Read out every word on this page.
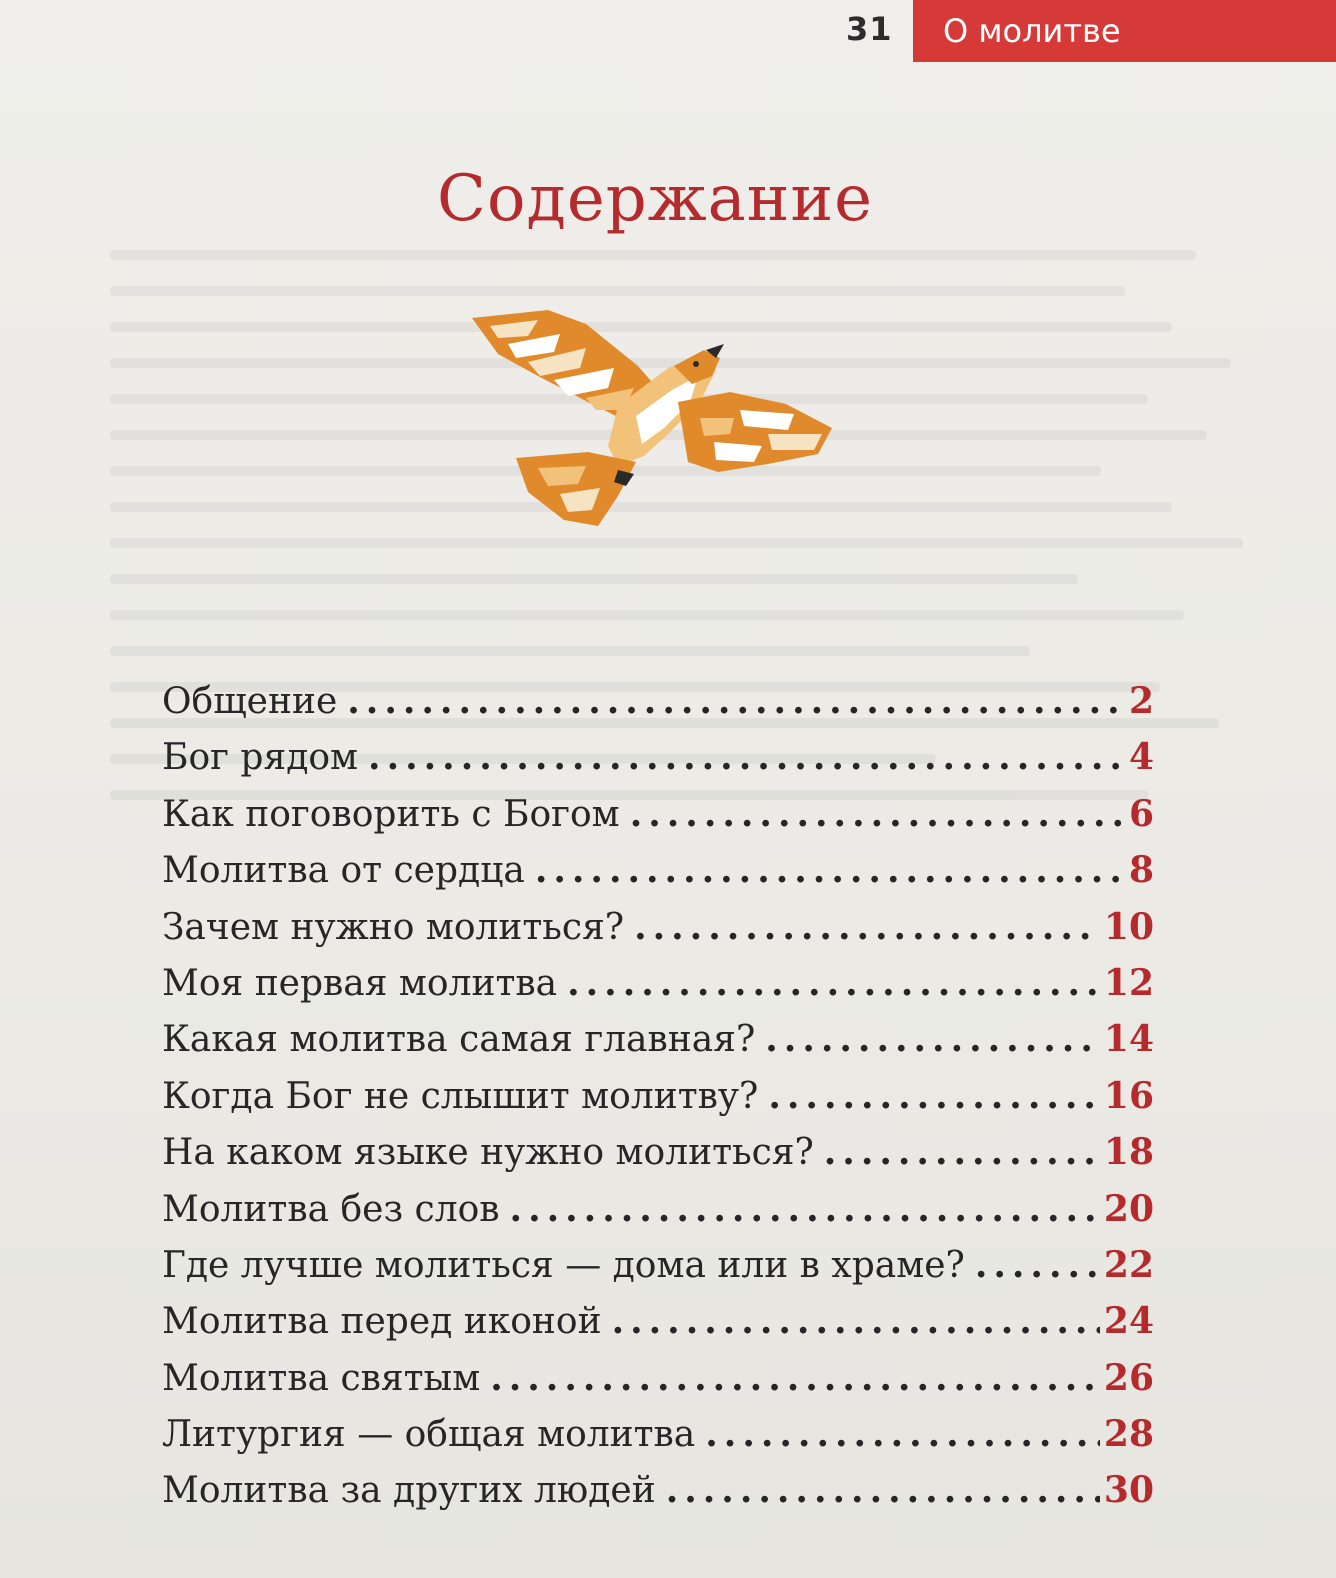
31 О молитве
Содержание
Общение .....	2
Бог рядом .....	4
Как поговорить с Богом .....	6
Молитва от сердца .....	8
Зачем нужно молиться? .....	10
Моя первая молитва .....	12
Какая молитва самая главная? .....	14
Когда Бог не слышит молитву? .....	16
На каком языке нужно молиться? .....	18
Молитва без слов .....	20
Где лучше молиться — дома или в храме? .....	22
Молитва перед иконой .....	24
Молитва святым .....	26
Литургия — общая молитва .....	28
Молитва за других людей .....	30
